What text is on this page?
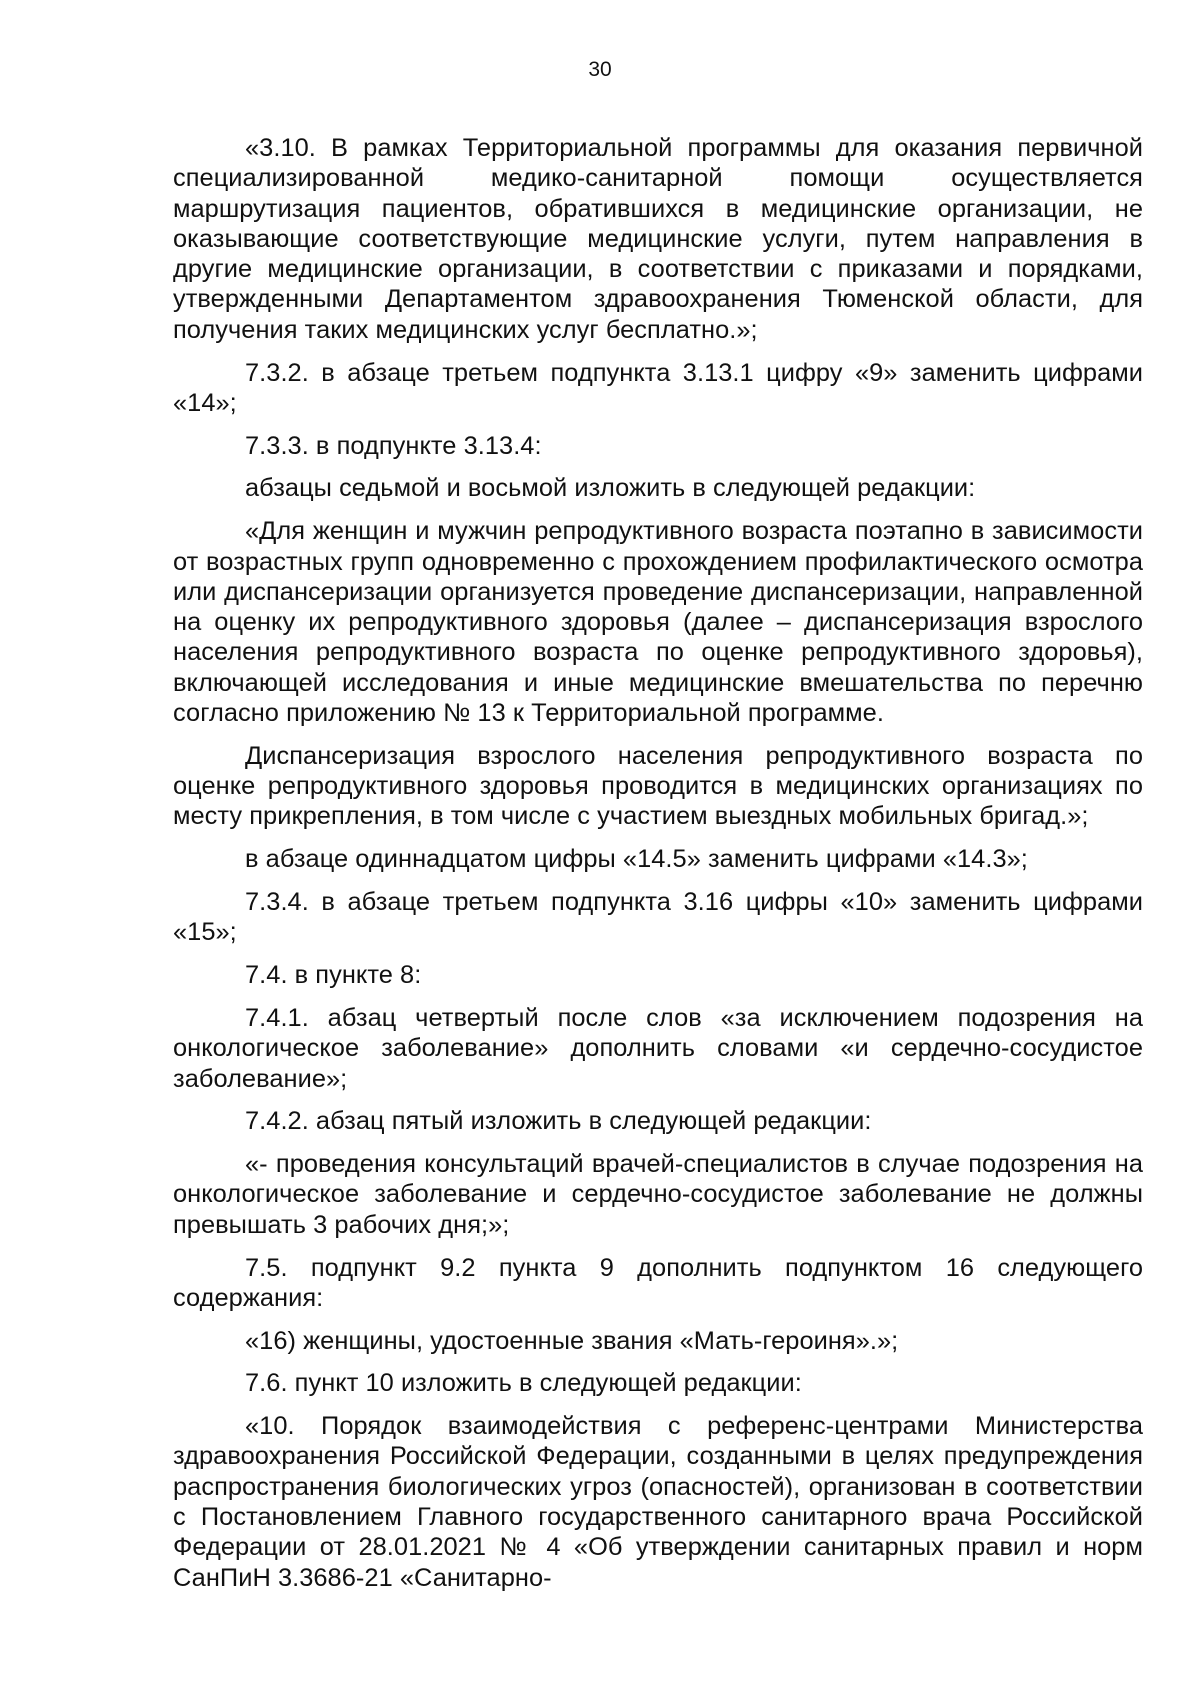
30

«3.10. В рамках Территориальной программы для оказания первичной специализированной медико-санитарной помощи осуществляется маршрутизация пациентов, обратившихся в медицинские организации, не оказывающие соответствующие медицинские услуги, путем направления в другие медицинские организации, в соответствии с приказами и порядками, утвержденными Департаментом здравоохранения Тюменской области, для получения таких медицинских услуг бесплатно.»;

7.3.2. в абзаце третьем подпункта 3.13.1 цифру «9» заменить цифрами «14»;

7.3.3. в подпункте 3.13.4:

абзацы седьмой и восьмой изложить в следующей редакции:

«Для женщин и мужчин репродуктивного возраста поэтапно в зависимости от возрастных групп одновременно с прохождением профилактического осмотра или диспансеризации организуется проведение диспансеризации, направленной на оценку их репродуктивного здоровья (далее – диспансеризация взрослого населения репродуктивного возраста по оценке репродуктивного здоровья), включающей исследования и иные медицинские вмешательства по перечню согласно приложению № 13 к Территориальной программе.

Диспансеризация взрослого населения репродуктивного возраста по оценке репродуктивного здоровья проводится в медицинских организациях по месту прикрепления, в том числе с участием выездных мобильных бригад.»;

в абзаце одиннадцатом цифры «14.5» заменить цифрами «14.3»;

7.3.4. в абзаце третьем подпункта 3.16 цифры «10» заменить цифрами «15»;

7.4. в пункте 8:

7.4.1. абзац четвертый после слов «за исключением подозрения на онкологическое заболевание» дополнить словами «и сердечно-сосудистое заболевание»;

7.4.2. абзац пятый изложить в следующей редакции:

«- проведения консультаций врачей-специалистов в случае подозрения на онкологическое заболевание и сердечно-сосудистое заболевание не должны превышать 3 рабочих дня;»;

7.5. подпункт 9.2 пункта 9 дополнить подпунктом 16 следующего содержания:

«16) женщины, удостоенные звания «Мать-героиня».»;

7.6. пункт 10 изложить в следующей редакции:

«10. Порядок взаимодействия с референс-центрами Министерства здравоохранения Российской Федерации, созданными в целях предупреждения распространения биологических угроз (опасностей), организован в соответствии с Постановлением Главного государственного санитарного врача Российской Федерации от 28.01.2021 № 4 «Об утверждении санитарных правил и норм СанПиН 3.3686-21 «Санитарно-
